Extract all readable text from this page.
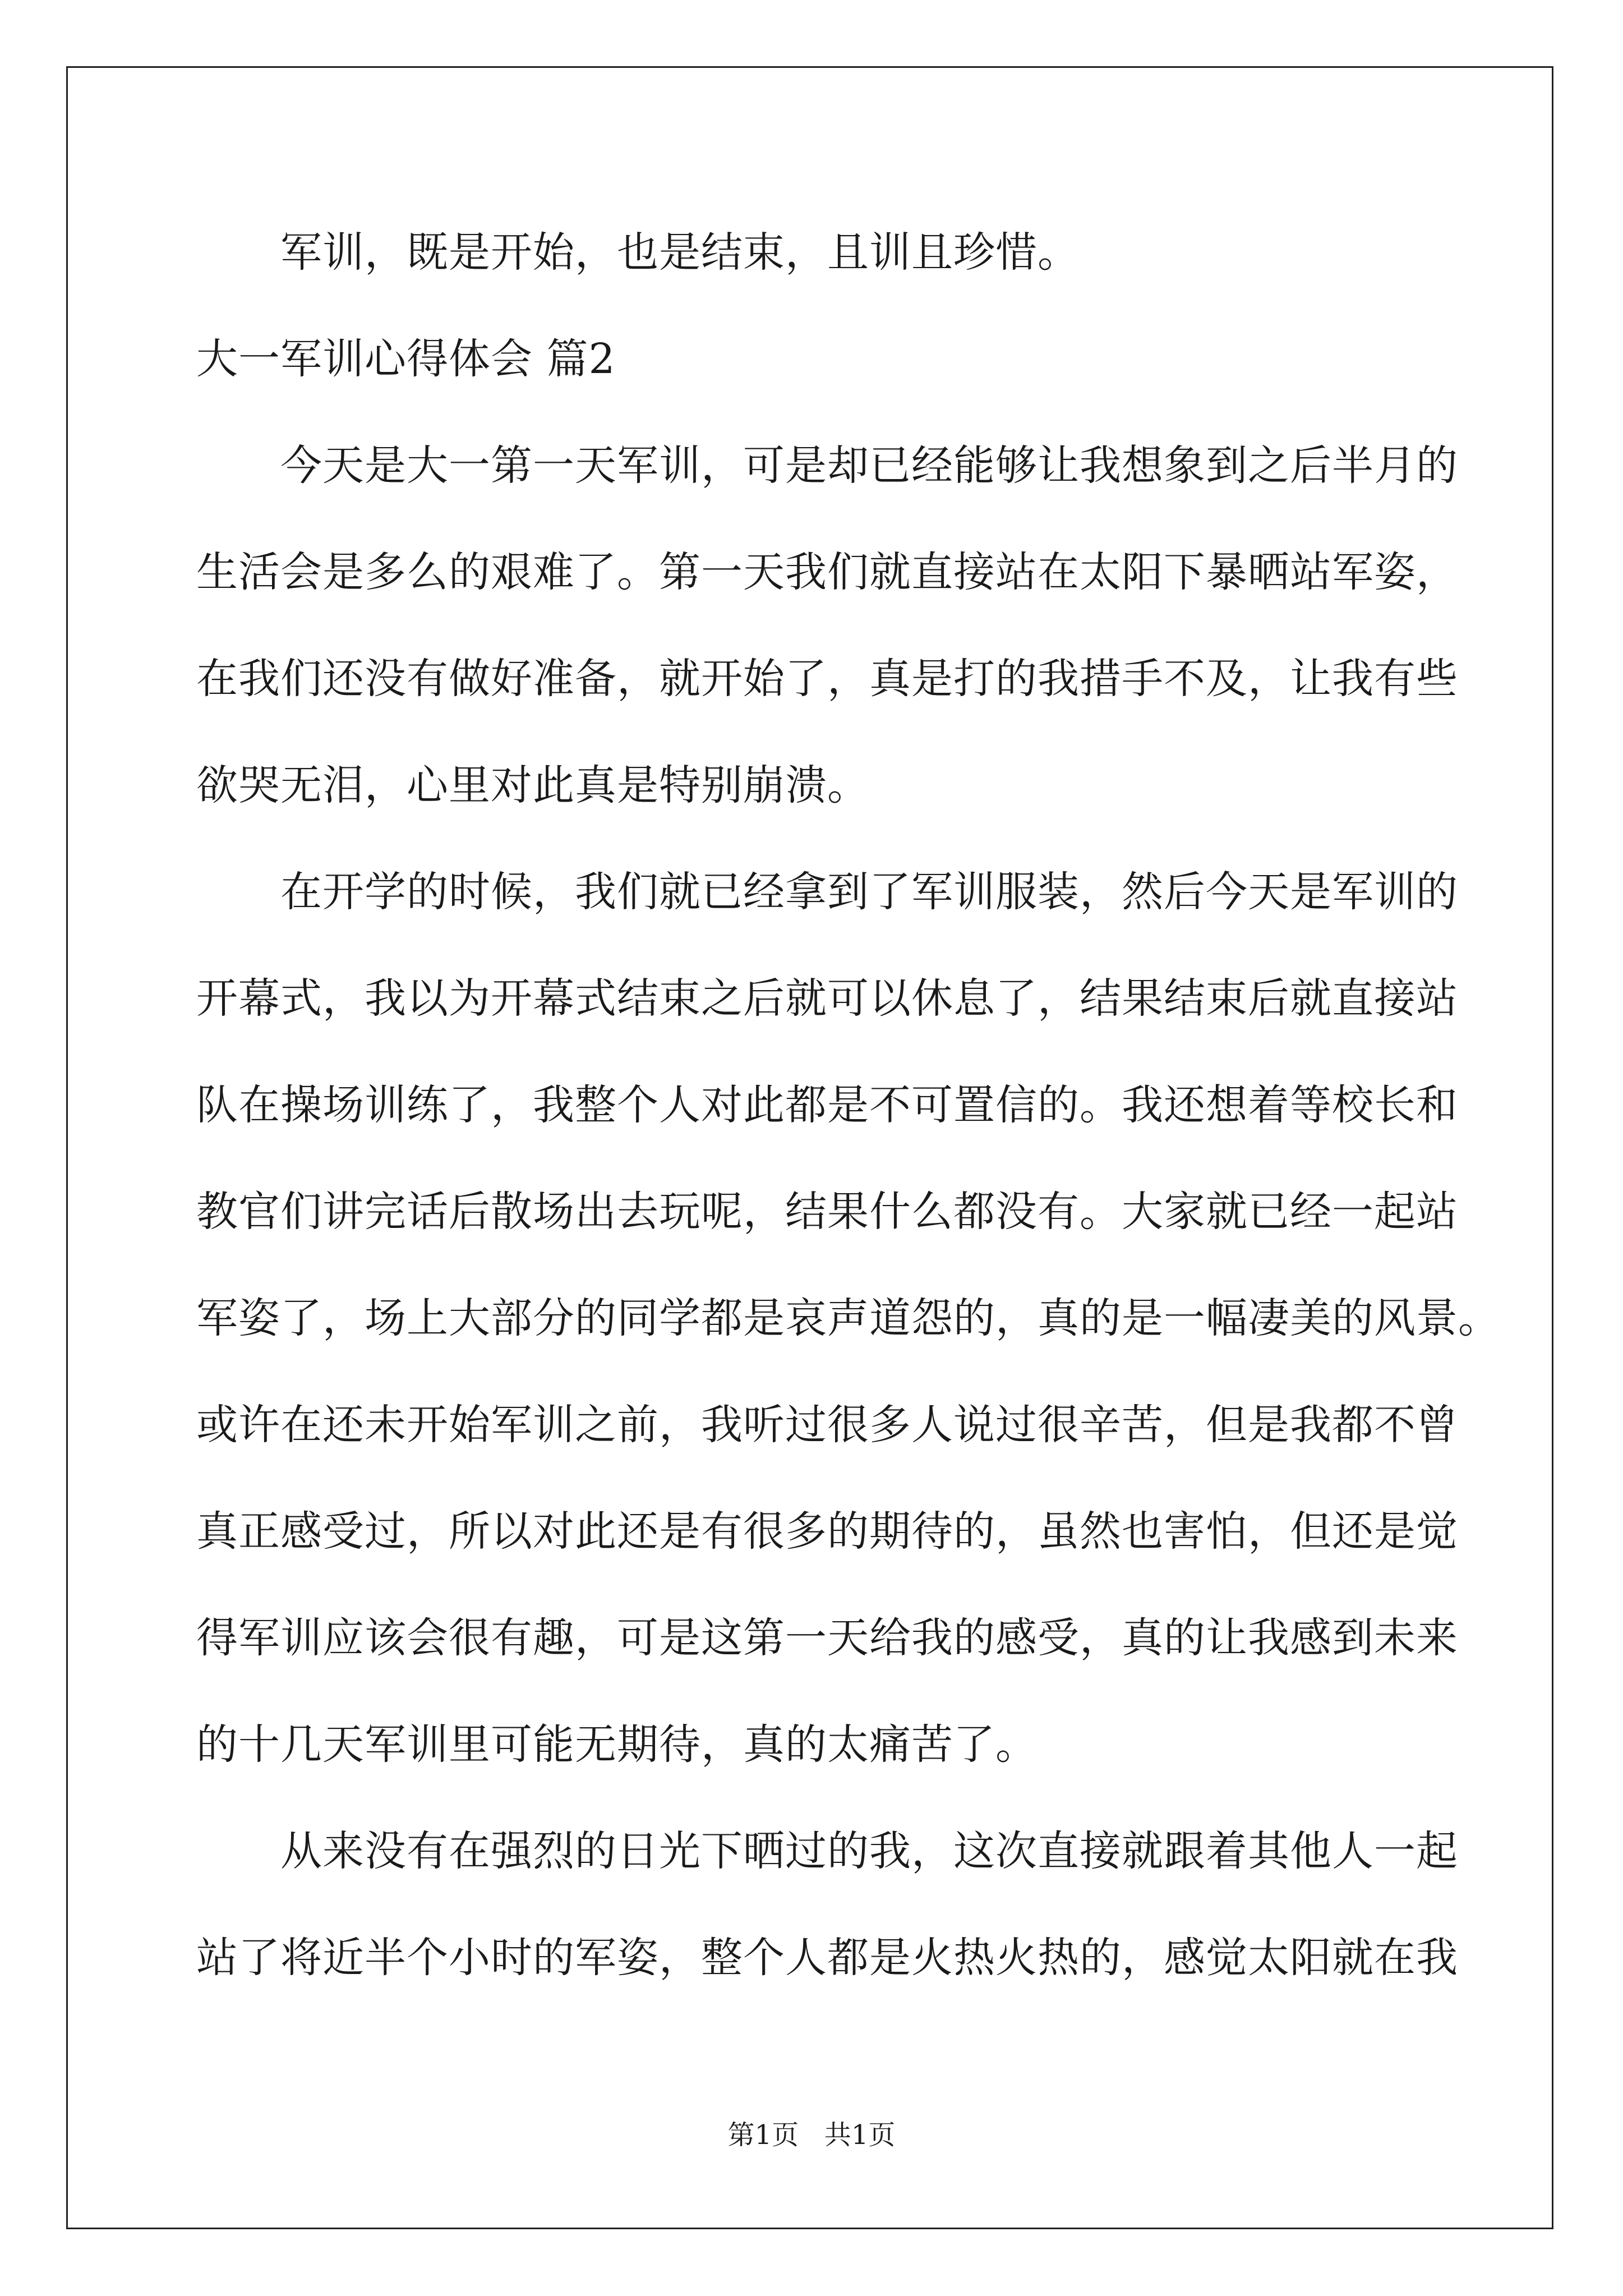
军训，既是开始，也是结束，且训且珍惜。
大一军训心得体会 篇2
今天是大一第一天军训，可是却已经能够让我想象到之后半月的
生活会是多么的艰难了。第一天我们就直接站在太阳下暴晒站军姿，
在我们还没有做好准备，就开始了，真是打的我措手不及，让我有些
欲哭无泪，心里对此真是特别崩溃。
在开学的时候，我们就已经拿到了军训服装，然后今天是军训的
开幕式，我以为开幕式结束之后就可以休息了，结果结束后就直接站
队在操场训练了，我整个人对此都是不可置信的。我还想着等校长和
教官们讲完话后散场出去玩呢，结果什么都没有。大家就已经一起站
军姿了，场上大部分的同学都是哀声道怨的，真的是一幅凄美的风景。
或许在还未开始军训之前，我听过很多人说过很辛苦，但是我都不曾
真正感受过，所以对此还是有很多的期待的，虽然也害怕，但还是觉
得军训应该会很有趣，可是这第一天给我的感受，真的让我感到未来
的十几天军训里可能无期待，真的太痛苦了。
从来没有在强烈的日光下晒过的我，这次直接就跟着其他人一起
站了将近半个小时的军姿，整个人都是火热火热的，感觉太阳就在我
第1页   共1页
